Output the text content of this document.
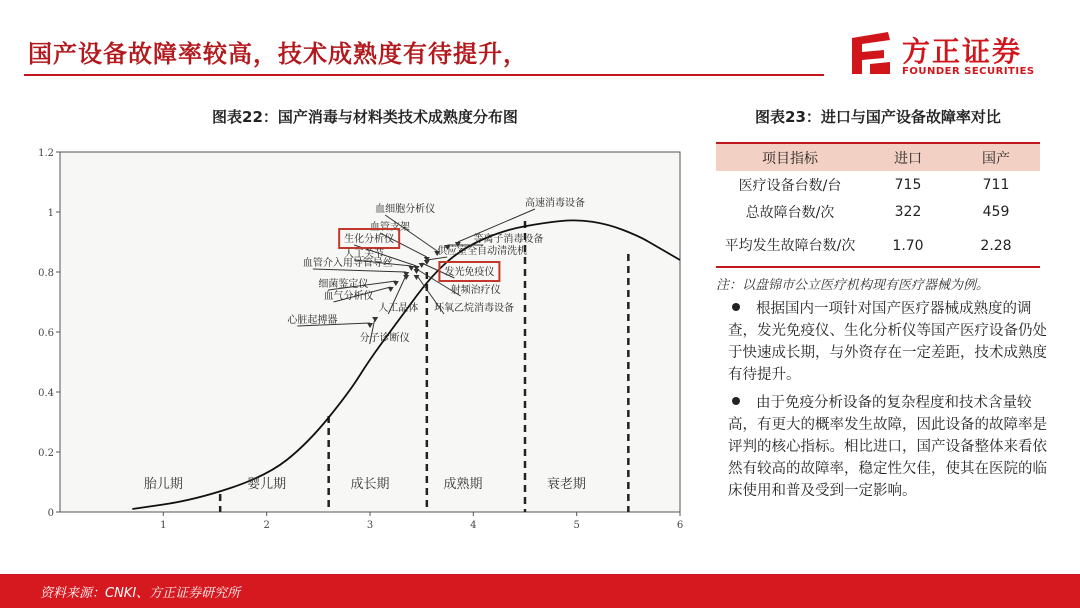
国产设备故障率较高，技术成熟度有待提升，	方正证券
FOUNDER SECURITIES
图表22：国产消毒与材料类技术成熟度分布图
0
0.2
0.4
0.6
0.8
1
1.2
1	2	3	4	5	6
胎儿期	婴儿期	成长期	成熟期	衰老期
血细胞分析仪
高速消毒设备
血管支架
生化分析仪	等离子消毒设备
人工关节	供应室全自动清洗机
血管介入用导管导丝
发光免疫仪
细菌鉴定仪
射频治疗仪
血气分析仪
人工晶体 环氧乙烷消毒设备
心脏起搏器
分子诊断仪
图表23：进口与国产设备故障率对比
项目指标	进口	国产
医疗设备台数/台	715	711
总故障台数/次	322	459
平均发生故障台数/次	1.70	2.28
注：以盘锦市公立医疗机构现有医疗器械为例。
根据国内一项针对国产医疗器械成熟度的调查，发光免疫仪、生化分析仪等国产医疗设备仍处于快速成长期，与外资存在一定差距，技术成熟度有待提升。
由于免疫分析设备的复杂程度和技术含量较高，有更大的概率发生故障，因此设备的故障率是评判的核心指标。相比进口，国产设备整体来看依然有较高的故障率，稳定性欠佳，使其在医院的临床使用和普及受到一定影响。
资料来源：CNKI、方正证券研究所
